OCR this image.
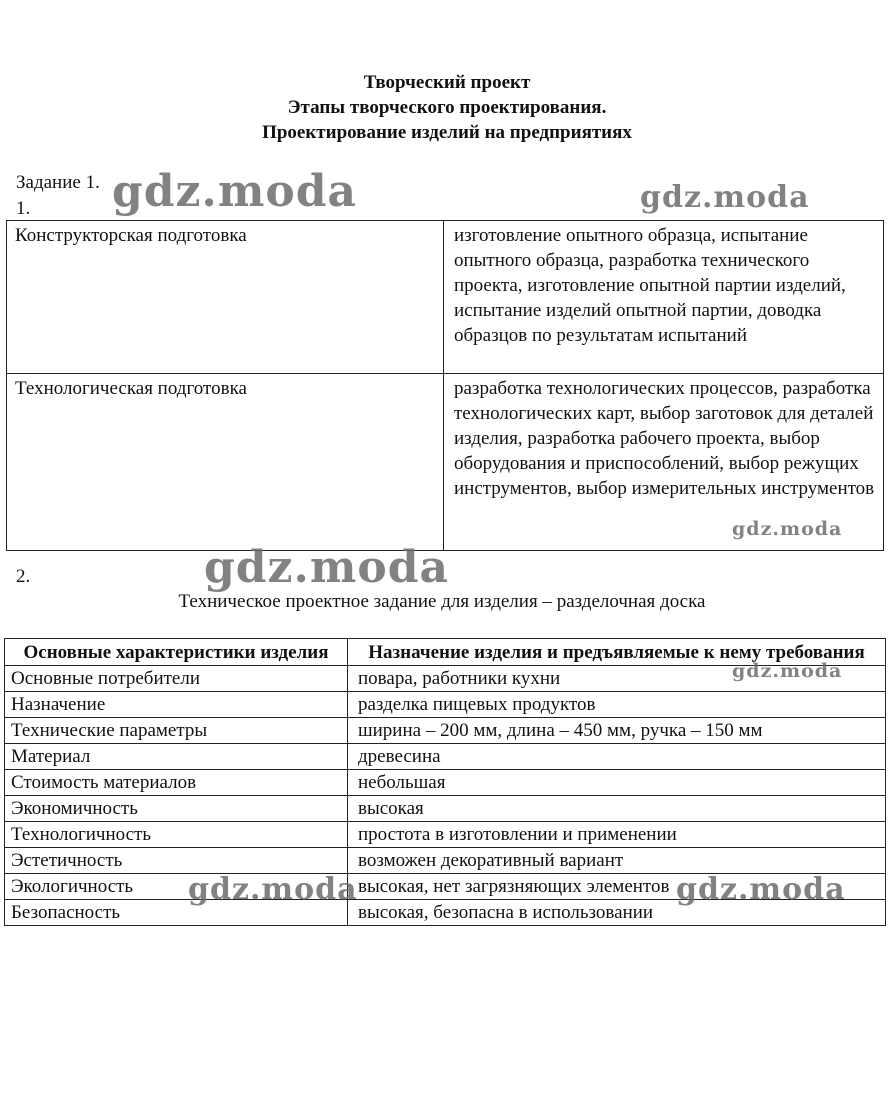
Творческий проект
Этапы творческого проектирования.
Проектирование изделий на предприятиях
Задание 1.
1.
Конструкторская подготовка	изготовление опытного образца, испытание опытного образца, разработка технического проекта, изготовление опытной партии изделий, испытание изделий опытной партии, доводка образцов по результатам испытаний
Технологическая подготовка	разработка технологических процессов, разработка технологических карт, выбор заготовок для деталей изделия, разработка рабочего проекта, выбор оборудования и приспособлений, выбор режущих инструментов, выбор измерительных инструментов
2.
Техническое проектное задание для изделия – разделочная доска
Основные характеристики изделия	Назначение изделия и предъявляемые к нему требования
Основные потребители	повара, работники кухни
Назначение	разделка пищевых продуктов
Технические параметры	ширина – 200 мм, длина – 450 мм, ручка – 150 мм
Материал	древесина
Стоимость материалов	небольшая
Экономичность	высокая
Технологичность	простота в изготовлении и применении
Эстетичность	возможен декоративный вариант
Экологичность	высокая, нет загрязняющих элементов
Безопасность	высокая, безопасна в использовании
gdz.moda	gdz.moda
gdz.moda
gdz.moda
gdz.moda
gdz.moda	gdz.moda
